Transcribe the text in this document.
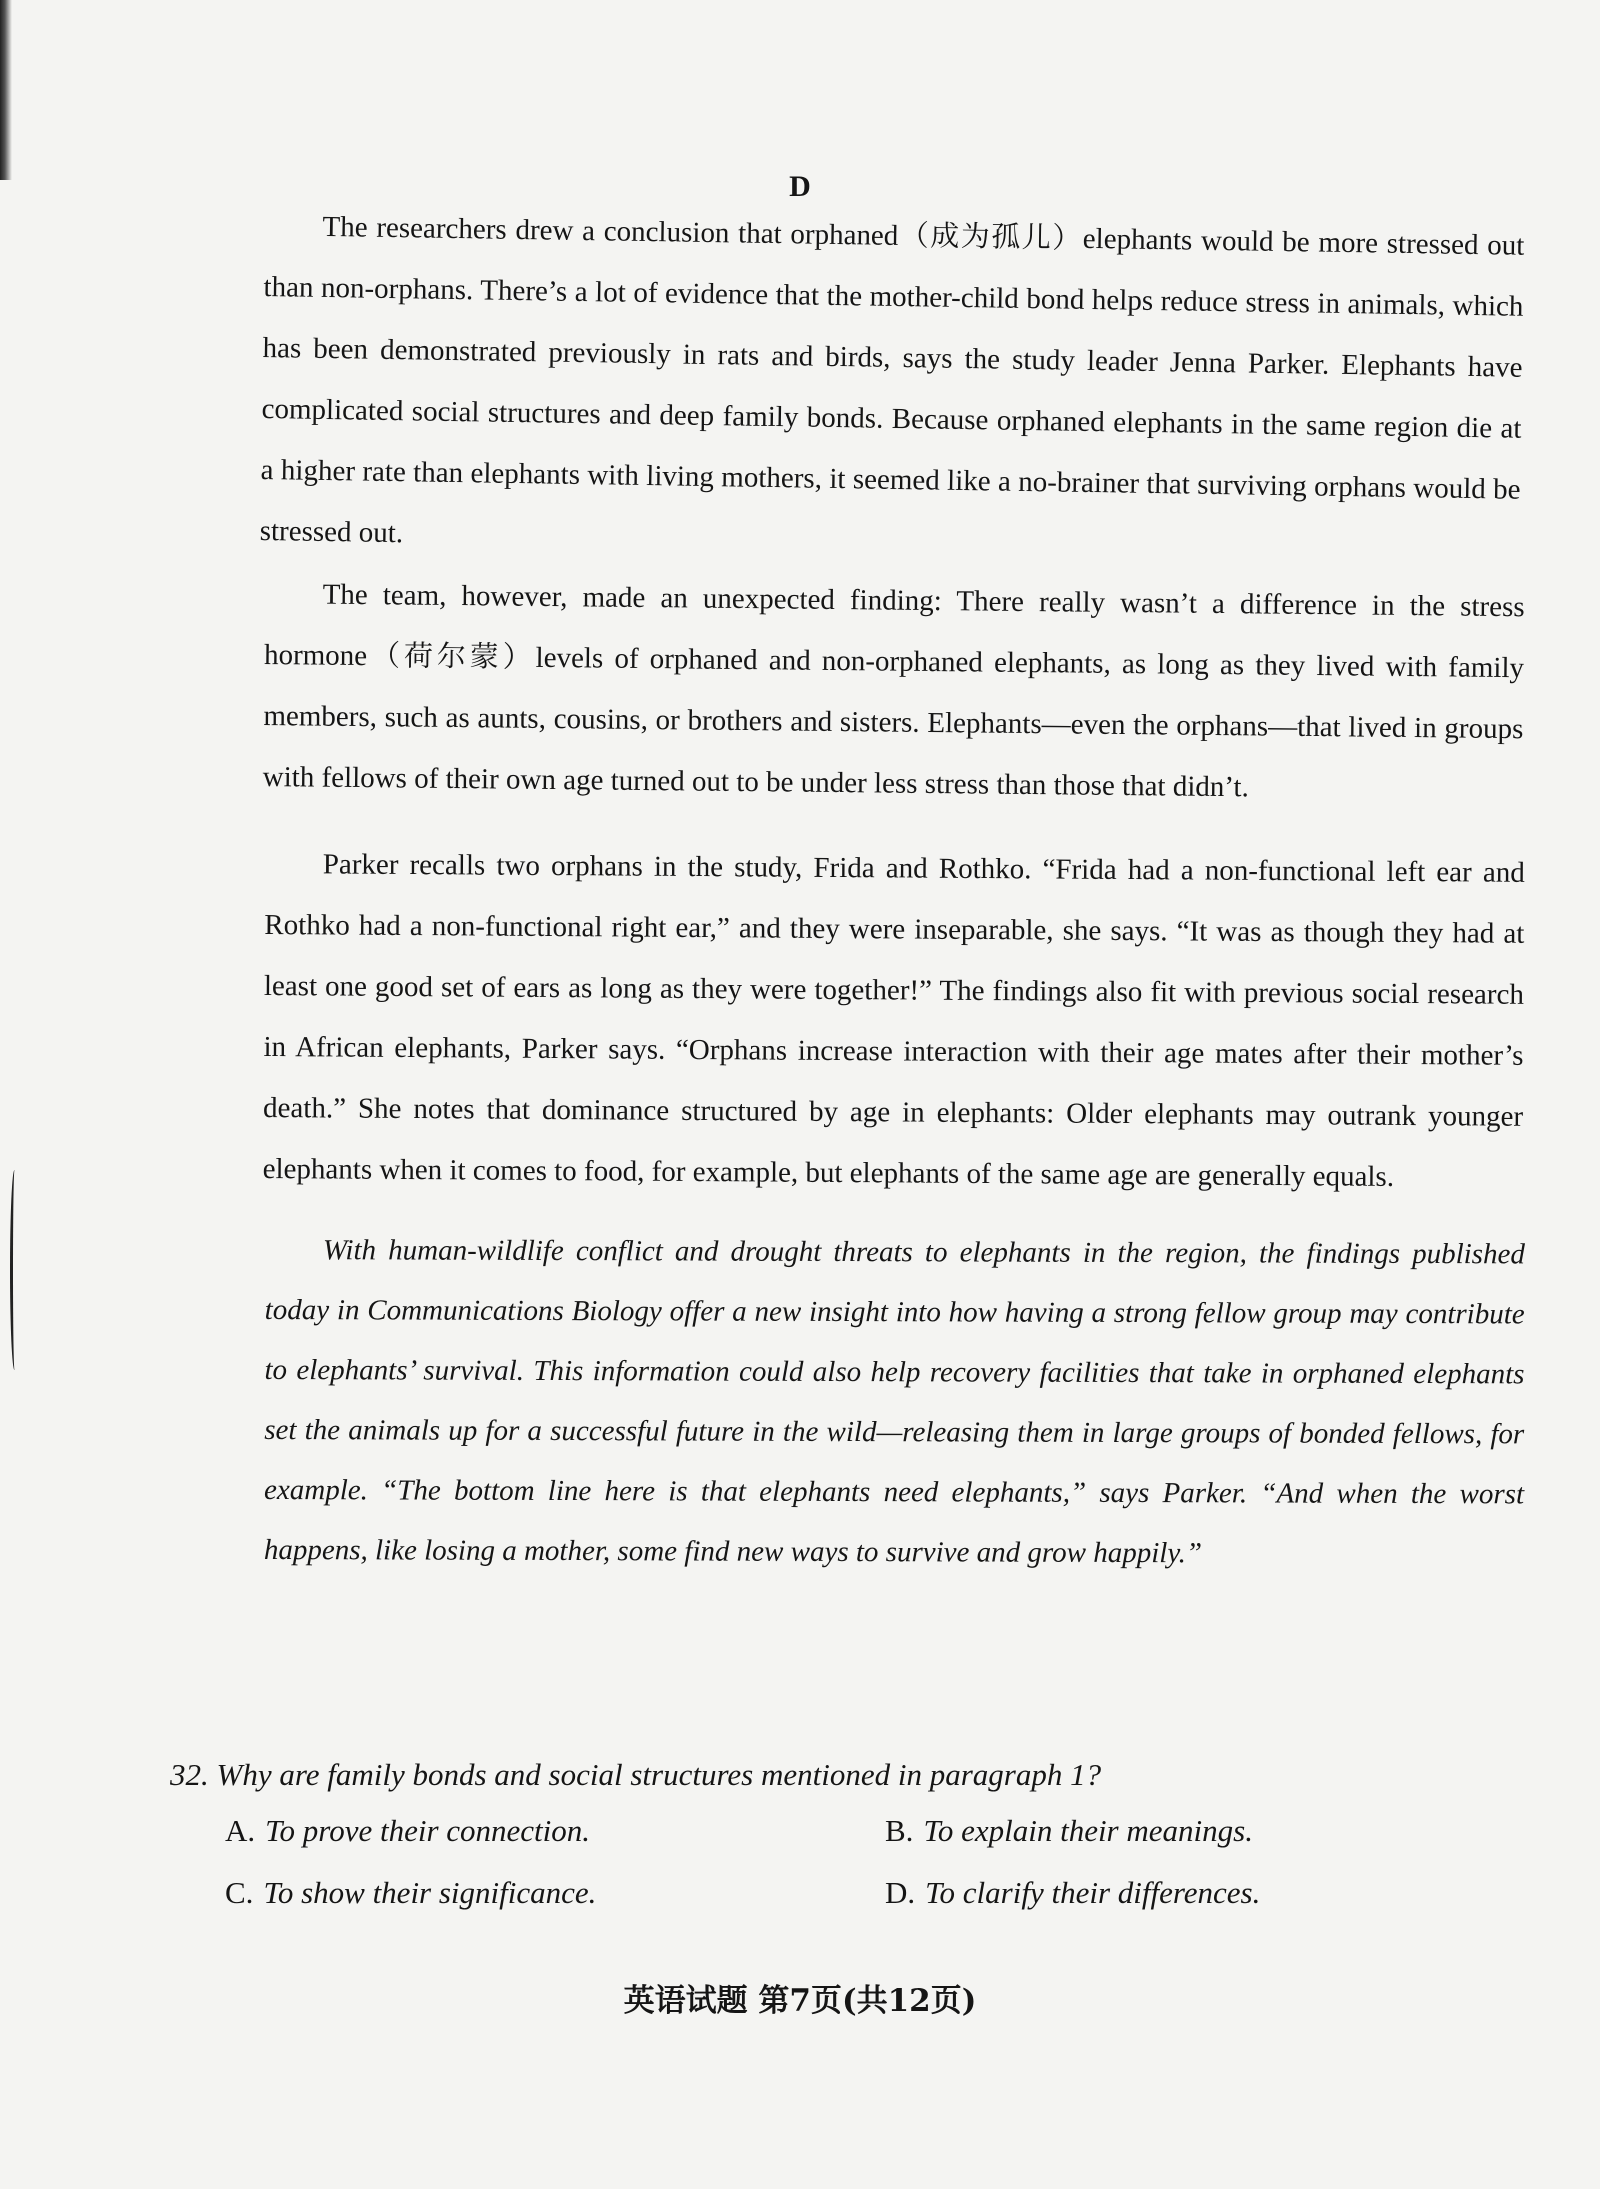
D

The researchers drew a conclusion that orphaned（成为孤儿）elephants would be more stressed out than non-orphans. There’s a lot of evidence that the mother-child bond helps reduce stress in animals, which has been demonstrated previously in rats and birds, says the study leader Jenna Parker. Elephants have complicated social structures and deep family bonds. Because orphaned elephants in the same region die at a higher rate than elephants with living mothers, it seemed like a no-brainer that surviving orphans would be stressed out.

The team, however, made an unexpected finding: There really wasn’t a difference in the stress hormone（荷尔蒙）levels of orphaned and non-orphaned elephants, as long as they lived with family members, such as aunts, cousins, or brothers and sisters. Elephants—even the orphans—that lived in groups with fellows of their own age turned out to be under less stress than those that didn’t.

Parker recalls two orphans in the study, Frida and Rothko. “Frida had a non-functional left ear and Rothko had a non-functional right ear,” and they were inseparable, she says. “It was as though they had at least one good set of ears as long as they were together!” The findings also fit with previous social research in African elephants, Parker says. “Orphans increase interaction with their age mates after their mother’s death.” She notes that dominance structured by age in elephants: Older elephants may outrank younger elephants when it comes to food, for example, but elephants of the same age are generally equals.

With human-wildlife conflict and drought threats to elephants in the region, the findings published today in Communications Biology offer a new insight into how having a strong fellow group may contribute to elephants’ survival. This information could also help recovery facilities that take in orphaned elephants set the animals up for a successful future in the wild—releasing them in large groups of bonded fellows, for example. “The bottom line here is that elephants need elephants,” says Parker. “And when the worst happens, like losing a mother, some find new ways to survive and grow happily.”

32. Why are family bonds and social structures mentioned in paragraph 1?

A. To prove their connection.	B. To explain their meanings.
C. To show their significance.	D. To clarify their differences.
英语试题 第7页(共12页)
